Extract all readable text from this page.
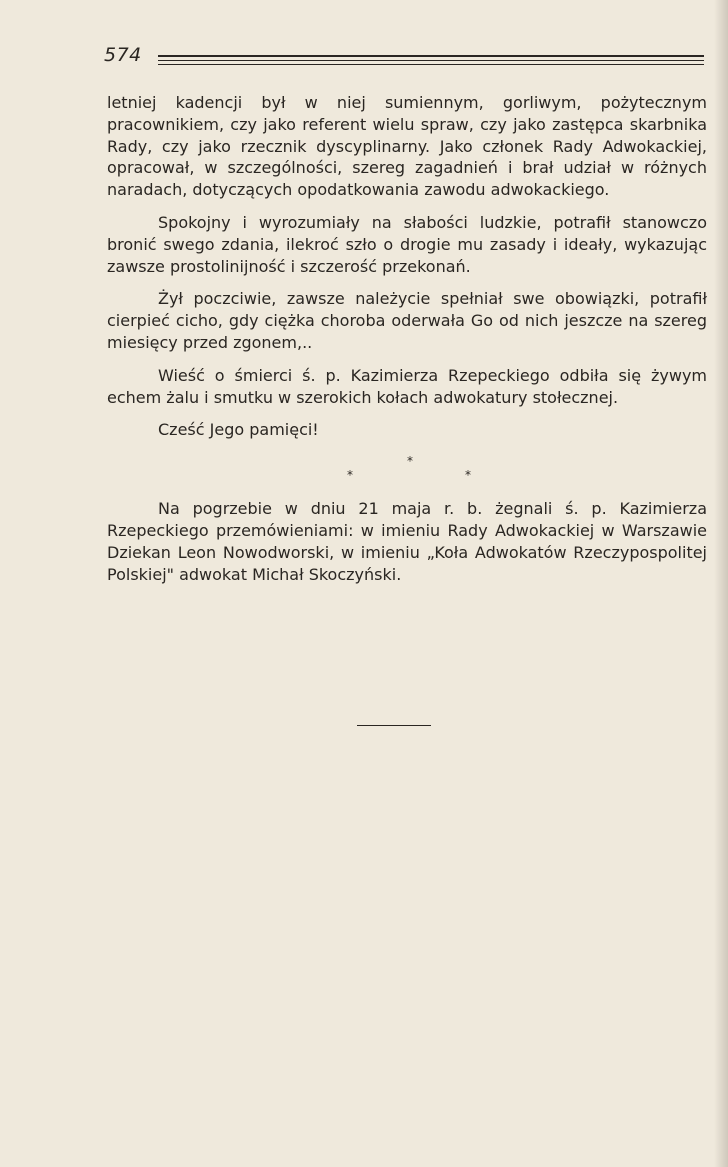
574

letniej kadencji był w niej sumiennym, gorliwym, pożytecznym pracownikiem, czy jako referent wielu spraw, czy jako zastępca skarbnika Rady, czy jako rzecznik dyscyplinarny. Jako członek Rady Adwokackiej, opracował, w szczególności, szereg zagadnień i brał udział w różnych naradach, dotyczących opodatkowania zawodu adwokackiego.

Spokojny i wyrozumiały na słabości ludzkie, potrafił stanowczo bronić swego zdania, ilekroć szło o drogie mu zasady i ideały, wykazując zawsze prostolinijność i szczerość przekonań.

Żył poczciwie, zawsze należycie spełniał swe obowiązki, potrafił cierpieć cicho, gdy ciężka choroba oderwała Go od nich jeszcze na szereg miesięcy przed zgonem,..

Wieść o śmierci ś. p. Kazimierza Rzepeckiego odbiła się żywym echem żalu i smutku w szerokich kołach adwokatury stołecznej.

Cześć Jego pamięci!

*
*	*

Na pogrzebie w dniu 21 maja r. b. żegnali ś. p. Kazimierza Rzepeckiego przemówieniami: w imieniu Rady Adwokackiej w Warszawie Dziekan Leon Nowodworski, w imieniu „Koła Adwokatów Rzeczypospolitej Polskiej" adwokat Michał Skoczyński.
